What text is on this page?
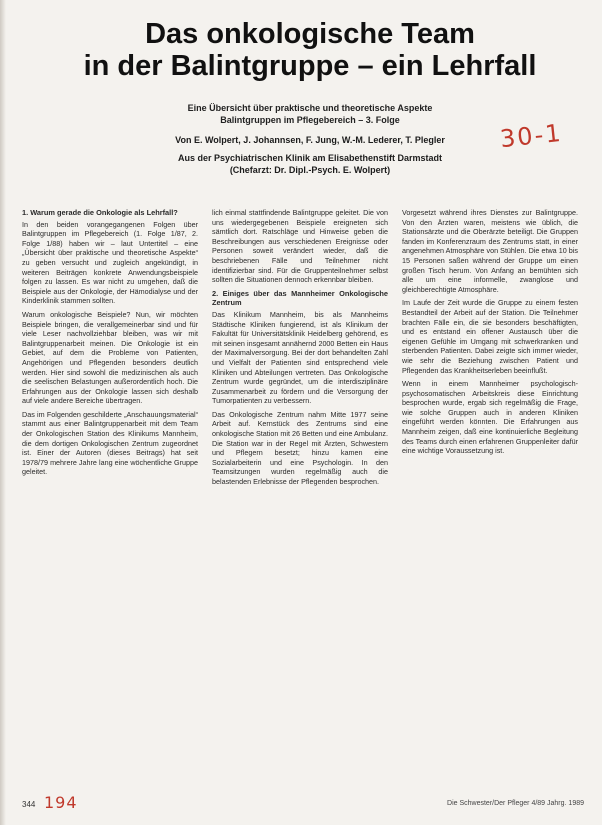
Das onkologische Team
in der Balintgruppe – ein Lehrfall
30-1
Eine Übersicht über praktische und theoretische Aspekte
Balintgruppen im Pflegebereich – 3. Folge
Von E. Wolpert, J. Johannsen, F. Jung, W.-M. Lederer, T. Plegler
Aus der Psychiatrischen Klinik am Elisabethenstift Darmstadt
(Chefarzt: Dr. Dipl.-Psych. E. Wolpert)
1. Warum gerade die Onkologie als Lehrfall?

In den beiden vorangegangenen Folgen über Balintgruppen im Pflegebereich (1. Folge 1/87, 2. Folge 1/88) haben wir – laut Untertitel – eine „Übersicht über praktische und theoretische Aspekte“ zu geben versucht und zugleich angekündigt, in weiteren Beiträgen konkrete Anwendungsbeispiele folgen zu lassen. Es war nicht zu umgehen, daß die Beispiele aus der Onkologie, der Hämodialyse und der Kinderklinik stammen sollten.

Warum onkologische Beispiele? Nun, wir möchten Beispiele bringen, die verallgemeinerbar sind und für viele Leser nachvollziehbar bleiben, was wir mit Balintgruppenarbeit meinen. Die Onkologie ist ein Gebiet, auf dem die Probleme von Patienten, Angehörigen und Pflegenden besonders deutlich werden. Hier sind sowohl die medizinischen als auch die seelischen Belastungen außerordentlich hoch. Die Erfahrungen aus der Onkologie lassen sich deshalb auf viele andere Bereiche übertragen.

Das im Folgenden geschilderte „Anschauungsmaterial“ stammt aus einer Balintgruppenarbeit mit dem Team der Onkologischen Station des Klinikums Mannheim, die dem dortigen Onkologischen Zentrum zugeordnet ist. Einer der Autoren (dieses Beitrags) hat seit 1978/79 mehrere Jahre lang eine wöchentliche Gruppe geleitet.

lich einmal stattfindende Balintgruppe geleitet. Die von uns wiedergegebenen Beispiele ereigneten sich sämtlich dort. Ratschläge und Hinweise geben die Beschreibungen aus verschiedenen Ereignisse oder Personen soweit verändert wieder, daß die beschriebenen Fälle und Teilnehmer nicht identifizierbar sind. Für die Gruppenteilnehmer selbst sollten die Situationen dennoch erkennbar bleiben.

2. Einiges über das Mannheimer Onkologische Zentrum

Das Klinikum Mannheim, bis als Mannheims Städtische Kliniken fungierend, ist als Klinikum der Fakultät für Universitätsklinik Heidelberg gehörend, es mit seinen insgesamt annähernd 2000 Betten ein Haus der Maximalversorgung. Bei der dort behandelten Zahl und Vielfalt der Patienten sind entsprechend viele Kliniken und Abteilungen vertreten. Das Onkologische Zentrum wurde gegründet, um die interdisziplinäre Zusammenarbeit zu fördern und die Versorgung der Tumorpatienten zu verbessern.

Das Onkologische Zentrum nahm Mitte 1977 seine Arbeit auf. Kernstück des Zentrums sind eine onkologische Station mit 26 Betten und eine Ambulanz. Die Station war in der Regel mit Ärzten, Schwestern und Pflegern besetzt; hinzu kamen eine Sozialarbeiterin und eine Psychologin. In den Teamsitzungen wurden regelmäßig auch die belastenden Erlebnisse der Pflegenden besprochen.

Vorgesetzt während ihres Dienstes zur Balintgruppe. Von den Ärzten waren, meistens wie üblich, die Stationsärzte und die Oberärzte beteiligt. Die Gruppen fanden im Konferenzraum des Zentrums statt, in einer angenehmen Atmosphäre von Stühlen. Die etwa 10 bis 15 Personen saßen während der Gruppe um einen großen Tisch herum. Von Anfang an bemühten sich alle um eine informelle, zwanglose und gleichberechtigte Atmosphäre.

Im Laufe der Zeit wurde die Gruppe zu einem festen Bestandteil der Arbeit auf der Station. Die Teilnehmer brachten Fälle ein, die sie besonders beschäftigten, und es entstand ein offener Austausch über die eigenen Gefühle im Umgang mit schwerkranken und sterbenden Patienten. Dabei zeigte sich immer wieder, wie sehr die Beziehung zwischen Patient und Pflegenden das Krankheitserleben beeinflußt.

Wenn in einem Mannheimer psychologisch-psychosomatischen Arbeitskreis diese Einrichtung besprochen wurde, ergab sich regelmäßig die Frage, wie solche Gruppen auch in anderen Kliniken eingeführt werden könnten. Die Erfahrungen aus Mannheim zeigen, daß eine kontinuierliche Begleitung des Teams durch einen erfahrenen Gruppenleiter dafür eine wichtige Voraussetzung ist.

344 194	Die Schwester/Der Pfleger 4/89 Jahrg. 1989
